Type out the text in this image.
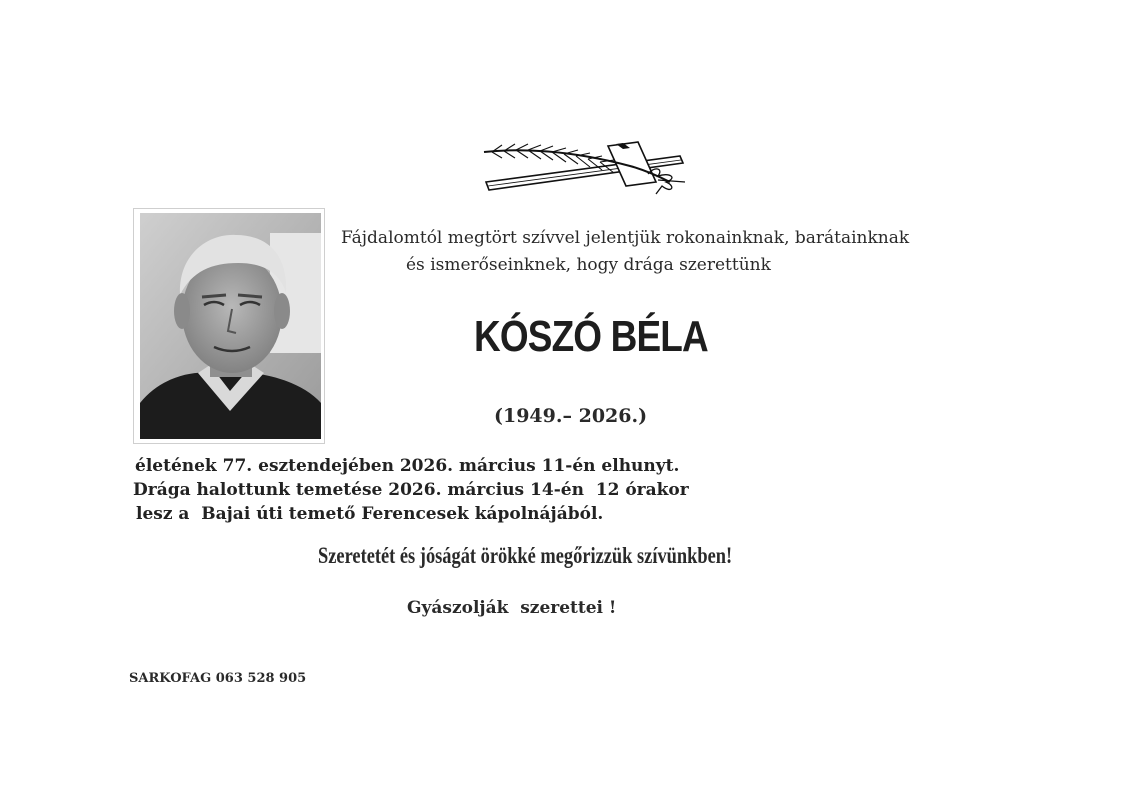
Fájdalomtól megtört szívvel jelentjük rokonainknak, barátainknak
és ismerőseinknek, hogy drága szerettünk
KÓSZÓ BÉLA
(1949.– 2026.)
életének 77. esztendejében 2026. március 11-én elhunyt.
Drága halottunk temetése 2026. március 14-én  12 órakor
lesz a  Bajai úti temető Ferencesek kápolnájából.
Szeretetét és jóságát örökké megőrizzük szívünkben!
Gyászolják  szerettei !
SARKOFAG 063 528 905
